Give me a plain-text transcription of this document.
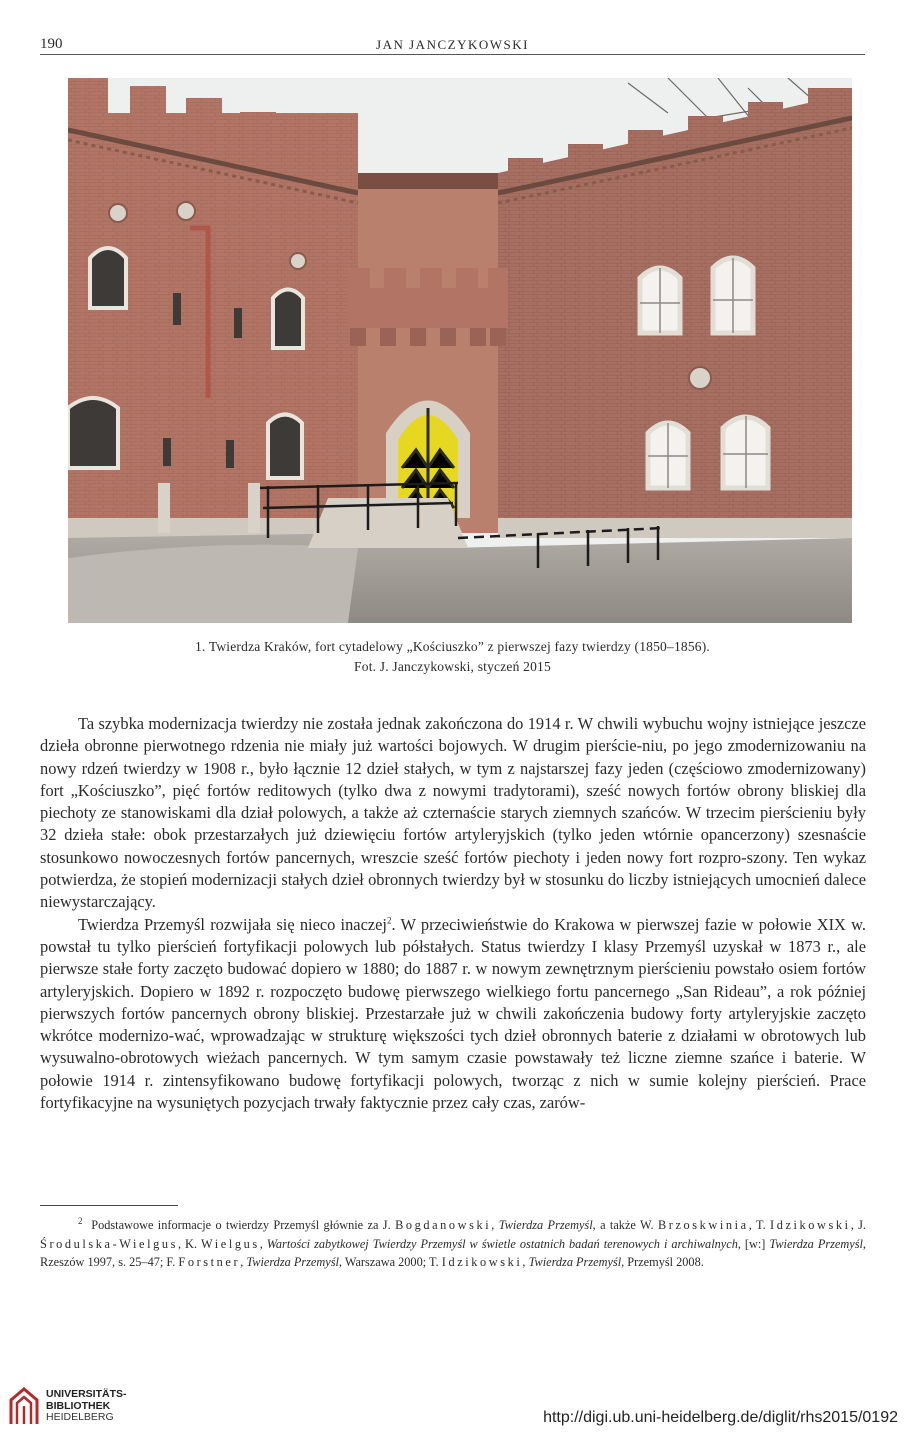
190	JAN JANCZYKOWSKI
1. Twierdza Kraków, fort cytadelowy „Kościuszko” z pierwszej fazy twierdzy (1850–1856).
Fot. J. Janczykowski, styczeń 2015

Ta szybka modernizacja twierdzy nie została jednak zakończona do 1914 r. W chwili wybuchu wojny istniejące jeszcze dzieła obronne pierwotnego rdzenia nie miały już wartości bojowych. W drugim pierście-niu, po jego zmodernizowaniu na nowy rdzeń twierdzy w 1908 r., było łącznie 12 dzieł stałych, w tym z najstarszej fazy jeden (częściowo zmodernizowany) fort „Kościuszko”, pięć fortów reditowych (tylko dwa z nowymi tradytorami), sześć nowych fortów obrony bliskiej dla piechoty ze stanowiskami dla dział polowych, a także aż czternaście starych ziemnych szańców. W trzecim pierścieniu były 32 dzieła stałe: obok przestarzałych już dziewięciu fortów artyleryjskich (tylko jeden wtórnie opancerzony) szesnaście stosunkowo nowoczesnych fortów pancernych, wreszcie sześć fortów piechoty i jeden nowy fort rozpro-szony. Ten wykaz potwierdza, że stopień modernizacji stałych dzieł obronnych twierdzy był w stosunku do liczby istniejących umocnień dalece niewystarczający.

Twierdza Przemyśl rozwijała się nieco inaczej$^2$. W przeciwieństwie do Krakowa w pierwszej fazie w połowie XIX w. powstał tu tylko pierścień fortyfikacji polowych lub półstałych. Status twierdzy I klasy Przemyśl uzyskał w 1873 r., ale pierwsze stałe forty zaczęto budować dopiero w 1880; do 1887 r. w nowym zewnętrznym pierścieniu powstało osiem fortów artyleryjskich. Dopiero w 1892 r. rozpoczęto budowę pierwszego wielkiego fortu pancernego „San Rideau”, a rok później pierwszych fortów pancernych obrony bliskiej. Przestarzałe już w chwili zakończenia budowy forty artyleryjskie zaczęto wkrótce modernizo-wać, wprowadzając w strukturę większości tych dzieł obronnych baterie z działami w obrotowych lub wysuwalno-obrotowych wieżach pancernych. W tym samym czasie powstawały też liczne ziemne szańce i baterie. W połowie 1914 r. zintensyfikowano budowę fortyfikacji polowych, tworząc z nich w sumie kolejny pierścień. Prace fortyfikacyjne na wysuniętych pozycjach trwały faktycznie przez cały czas, zarów-

$^2$ Podstawowe informacje o twierdzy Przemyśl głównie za J. Bogdanowski, Twierdza Przemyśl, a także W. Brzoskwinia, T. Idzikowski, J. Środulska-Wielgus, K. Wielgus, Wartości zabytkowej Twierdzy Przemyśl w świetle ostatnich badań terenowych i archiwalnych, [w:] Twierdza Przemyśl, Rzeszów 1997, s. 25–47; F. Forstner, Twierdza Przemyśl, Warszawa 2000; T. Idzikowski, Twierdza Przemyśl, Przemyśl 2008.

UNIVERSITÄTS-
BIBLIOTHEK
HEIDELBERG	http://digi.ub.uni-heidelberg.de/diglit/rhs2015/0192
